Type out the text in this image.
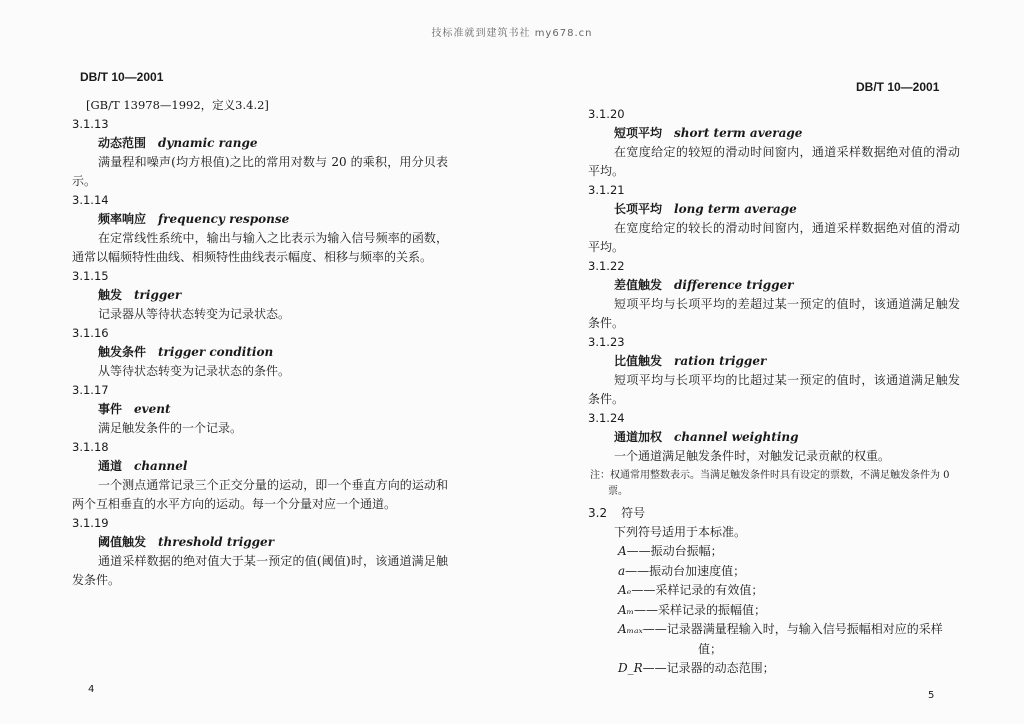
技标准就到建筑书社 my678.cn
DB/T 10—2001
DB/T 10—2001
[GB/T 13978—1992，定义3.4.2]
3.1.13
动态范围 dynamic range
满量程和噪声(均方根值)之比的常用对数与 20 的乘积，用分贝表示。
3.1.14
频率响应 frequency response
在定常线性系统中，输出与输入之比表示为输入信号频率的函数，通常以幅频特性曲线、相频特性曲线表示幅度、相移与频率的关系。
3.1.15
触发 trigger
记录器从等待状态转变为记录状态。
3.1.16
触发条件 trigger condition
从等待状态转变为记录状态的条件。
3.1.17
事件 event
满足触发条件的一个记录。
3.1.18
通道 channel
一个测点通常记录三个正交分量的运动，即一个垂直方向的运动和两个互相垂直的水平方向的运动。每一个分量对应一个通道。
3.1.19
阈值触发 threshold trigger
通道采样数据的绝对值大于某一预定的值(阈值)时，该通道满足触发条件。
4
3.1.20
短项平均 short term average
在宽度给定的较短的滑动时间窗内，通道采样数据绝对值的滑动平均。
3.1.21
长项平均 long term average
在宽度给定的较长的滑动时间窗内，通道采样数据绝对值的滑动平均。
3.1.22
差值触发 difference trigger
短项平均与长项平均的差超过某一预定的值时，该通道满足触发条件。
3.1.23
比值触发 ration trigger
短项平均与长项平均的比超过某一预定的值时，该通道满足触发条件。
3.1.24
通道加权 channel weighting
一个通道满足触发条件时，对触发记录贡献的权重。
注：权通常用整数表示。当满足触发条件时具有设定的票数，不满足触发条件为 0 票。
3.2 符号
下列符号适用于本标准。
A——振动台振幅；
a——振动台加速度值；
Aₑ——采样记录的有效值；
Aₘ——采样记录的振幅值；
Aₘₐₓ——记录器满量程输入时，与输入信号振幅相对应的采样
值；
D_R——记录器的动态范围；
5
